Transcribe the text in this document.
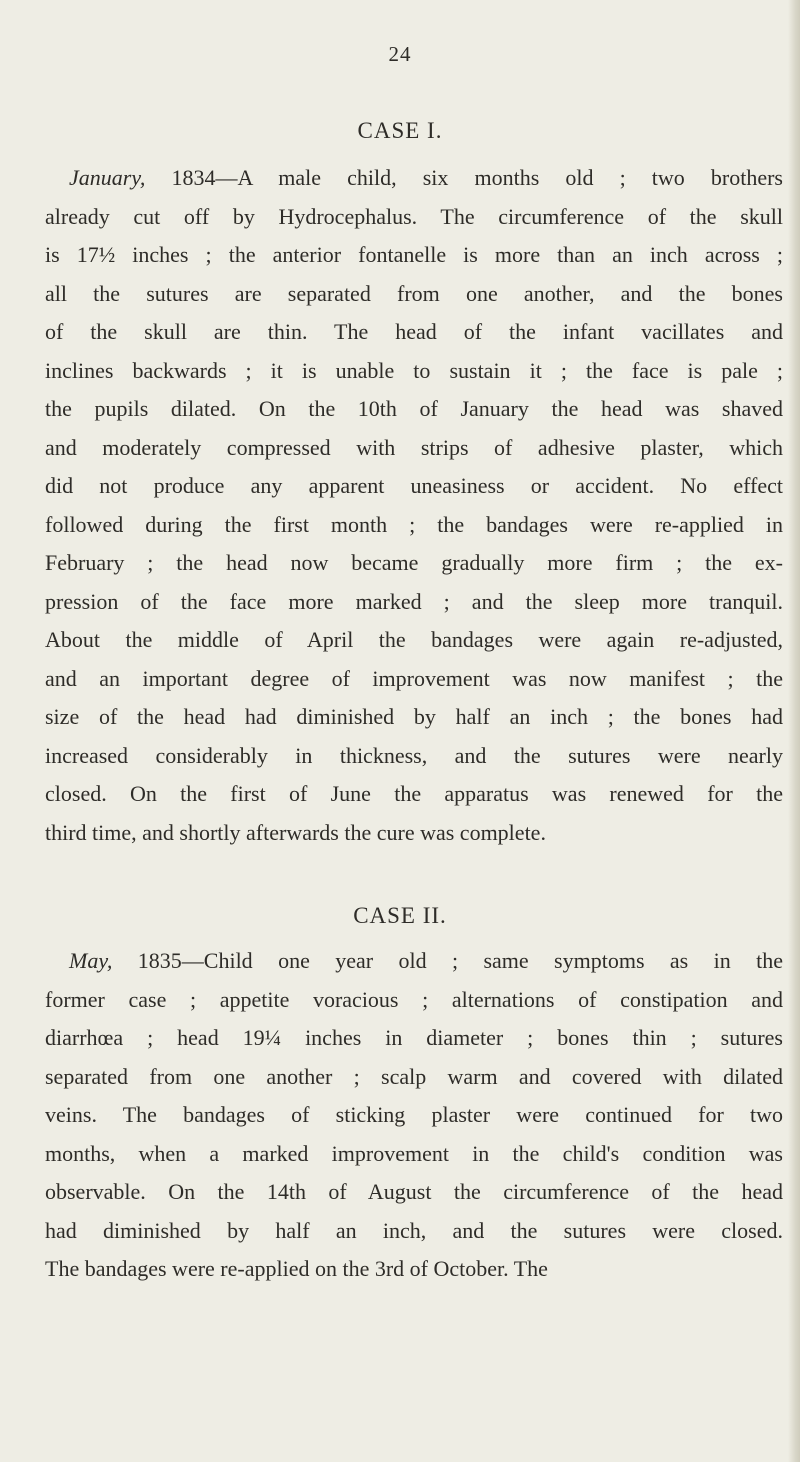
24
CASE I.
January, 1834—A male child, six months old ; two brothers
already cut off by Hydrocephalus. The circumference of the skull
is 17½ inches ; the anterior fontanelle is more than an inch across ;
all the sutures are separated from one another, and the bones
of the skull are thin. The head of the infant vacillates and
inclines backwards ; it is unable to sustain it ; the face is pale ;
the pupils dilated. On the 10th of January the head was shaved
and moderately compressed with strips of adhesive plaster, which
did not produce any apparent uneasiness or accident. No effect
followed during the first month ; the bandages were re-applied in
February ; the head now became gradually more firm ; the ex-
pression of the face more marked ; and the sleep more tranquil.
About the middle of April the bandages were again re-adjusted,
and an important degree of improvement was now manifest ; the
size of the head had diminished by half an inch ; the bones had
increased considerably in thickness, and the sutures were nearly
closed. On the first of June the apparatus was renewed for the
third time, and shortly afterwards the cure was complete.
CASE II.
May, 1835—Child one year old ; same symptoms as in the
former case ; appetite voracious ; alternations of constipation and
diarrhœa ; head 19¼ inches in diameter ; bones thin ; sutures
separated from one another ; scalp warm and covered with dilated
veins. The bandages of sticking plaster were continued for two
months, when a marked improvement in the child's condition was
observable. On the 14th of August the circumference of the head
had diminished by half an inch, and the sutures were closed.
The bandages were re-applied on the 3rd of October. The
